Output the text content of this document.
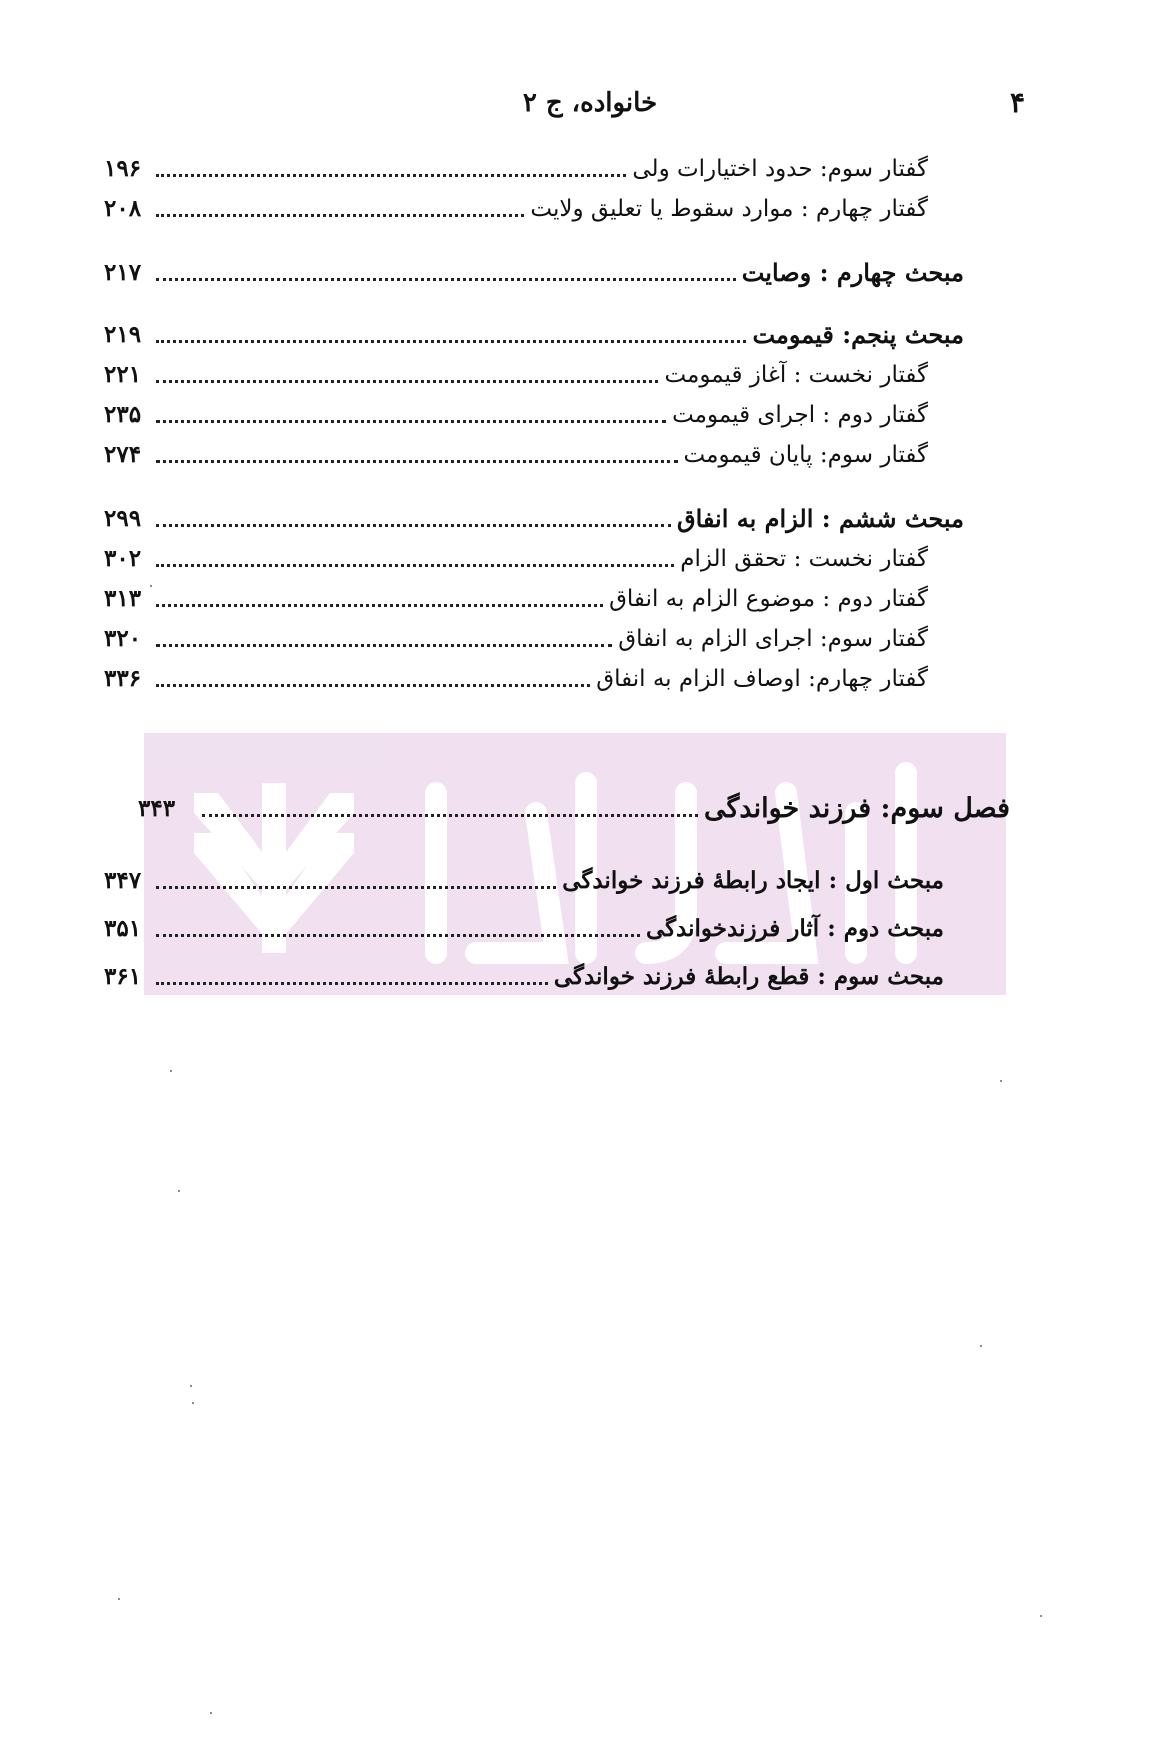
خانواده، ج ۲	۴
گفتار سوم: حدود اختیارات ولی
۱۹۶
گفتار چهارم : موارد سقوط یا تعلیق ولایت
۲۰۸
مبحث چهارم : وصایت
۲۱۷
مبحث پنجم: قیمومت
۲۱۹
گفتار نخست : آغاز قیمومت
۲۲۱
گفتار دوم : اجرای قیمومت
۲۳۵
گفتار سوم: پایان قیمومت
۲۷۴
مبحث ششم : الزام به انفاق
۲۹۹
گفتار نخست : تحقق الزام
۳۰۲
گفتار دوم : موضوع الزام به انفاق
۳۱۳
گفتار سوم: اجرای الزام به انفاق
۳۲۰
گفتار چهارم: اوصاف الزام به انفاق
۳۳۶
فصل سوم: فرزند خواندگی
۳۴۳
مبحث اول : ایجاد رابطهٔ فرزند خواندگی
۳۴۷
مبحث دوم : آثار فرزندخواندگی
۳۵۱
مبحث سوم : قطع رابطهٔ فرزند خواندگی
۳۶۱
